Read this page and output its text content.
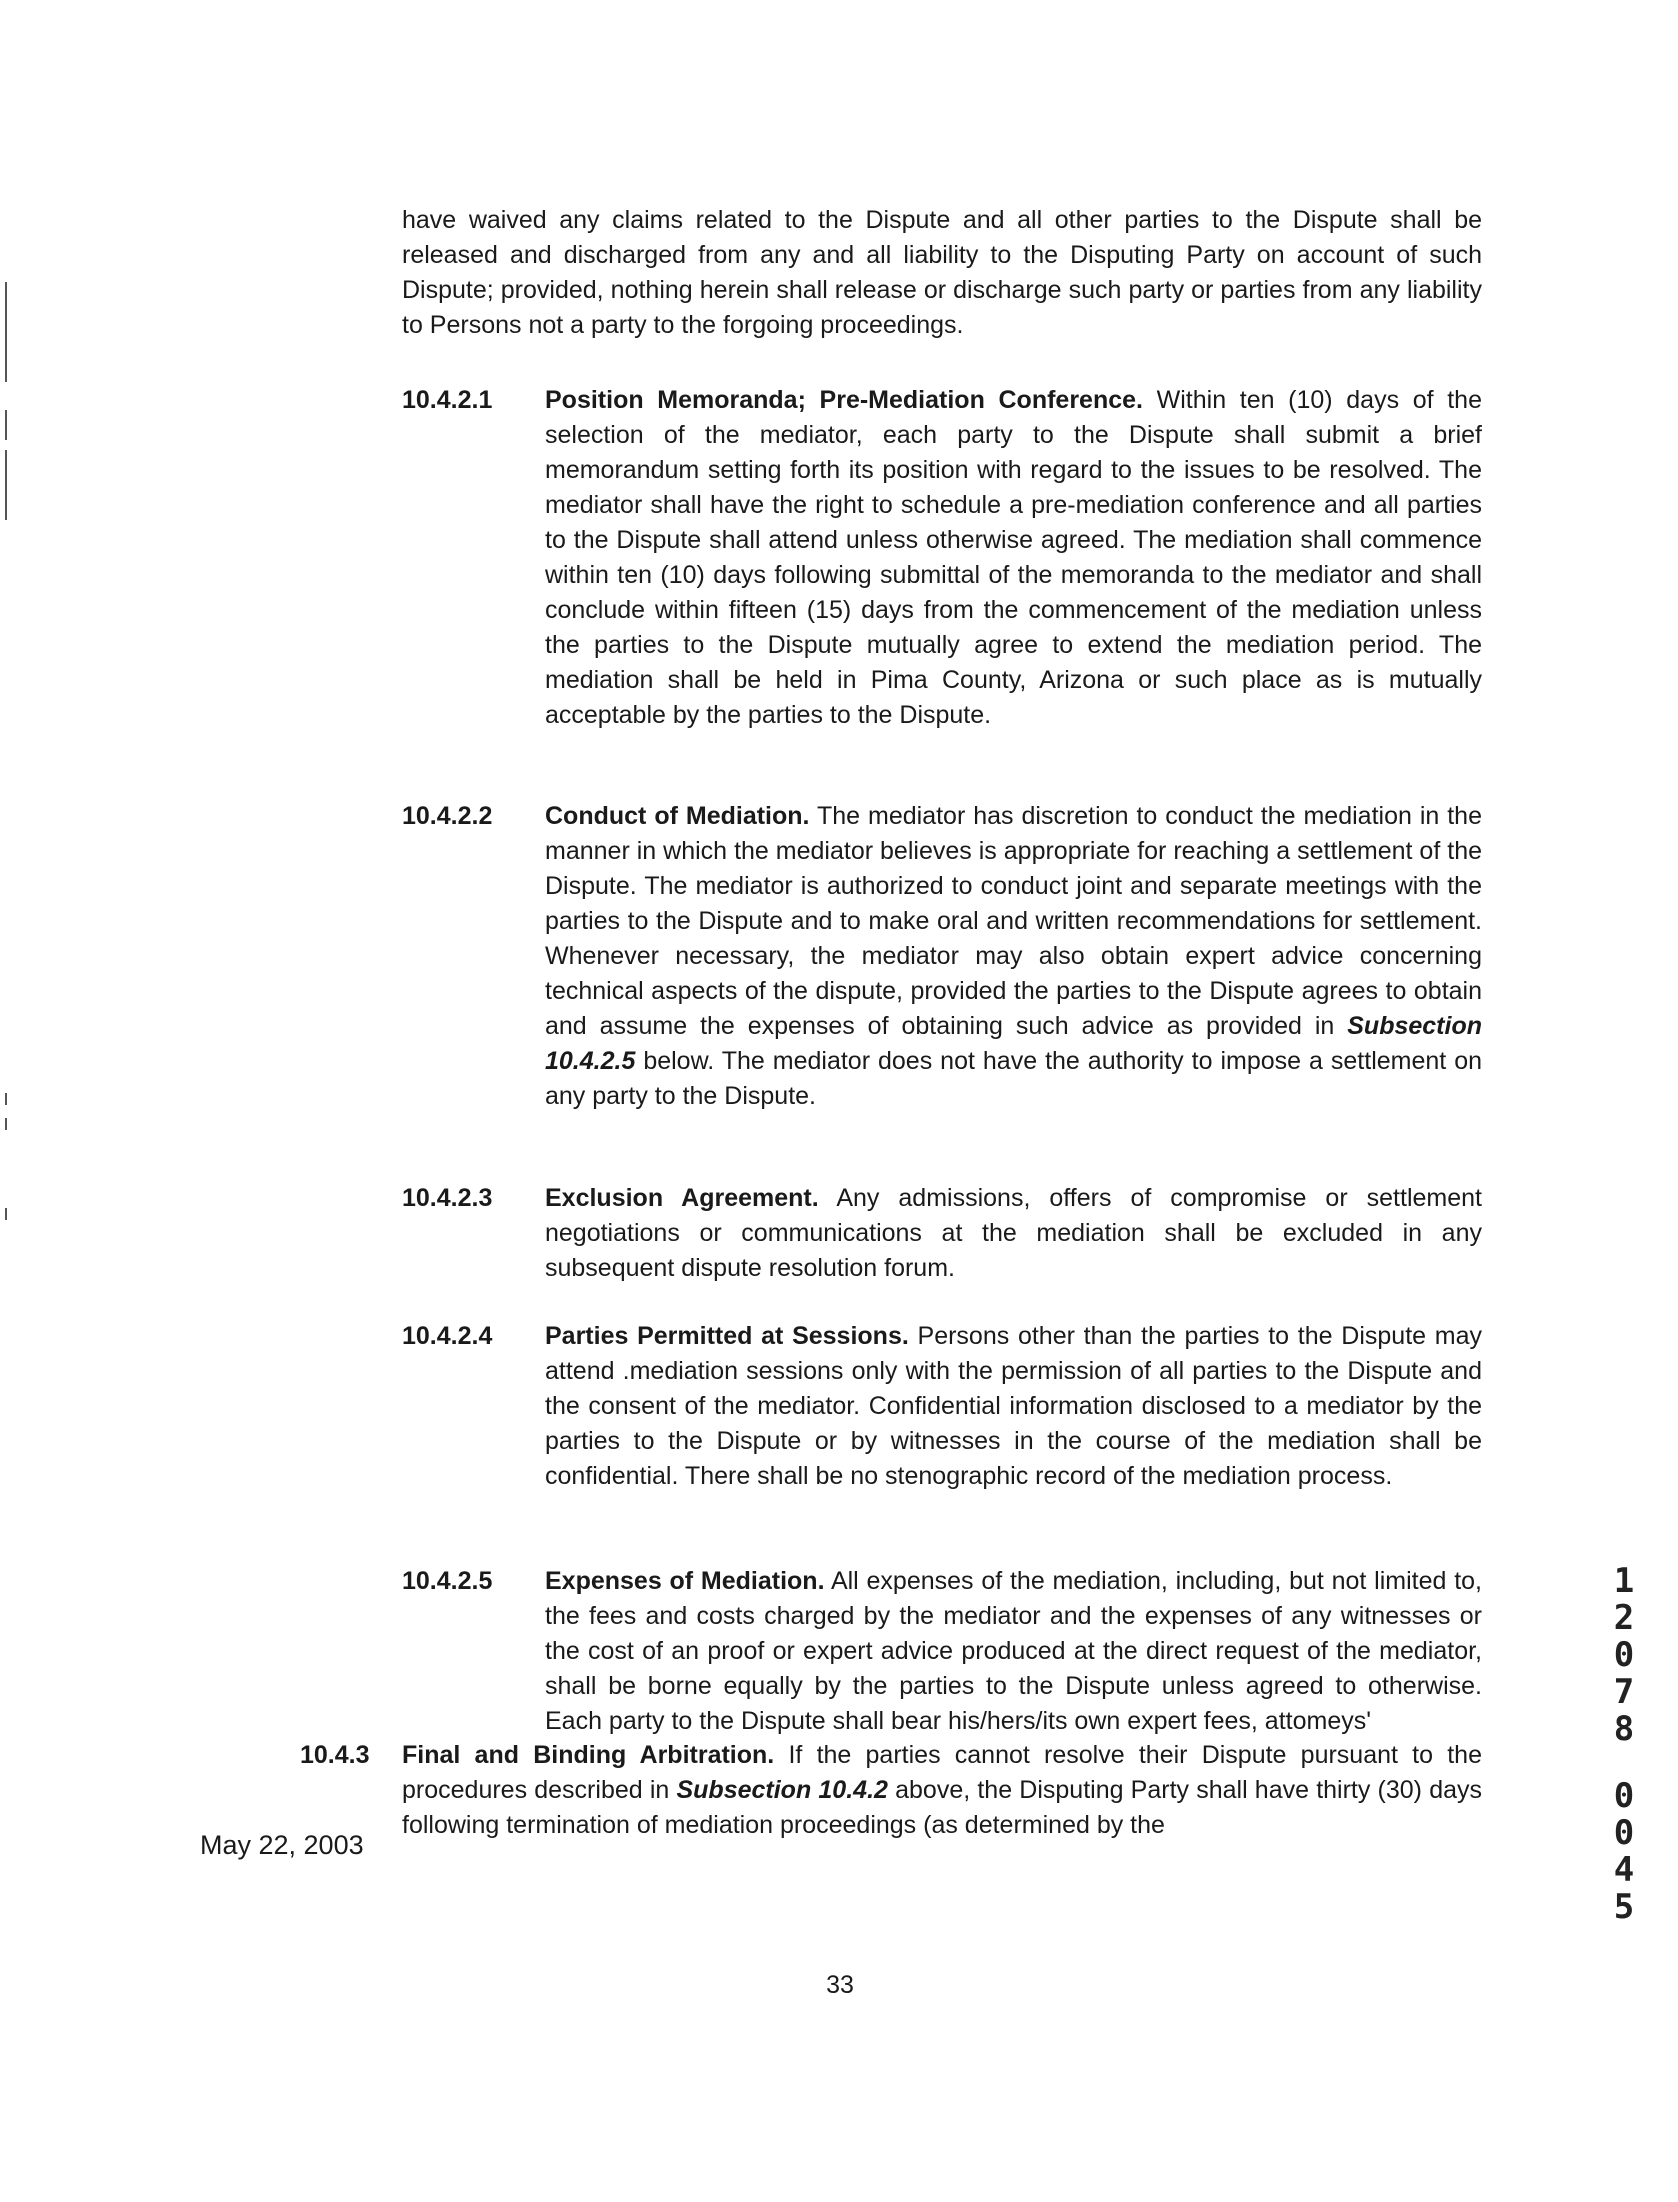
have waived any claims related to the Dispute and all other parties to the Dispute shall be released and discharged from any and all liability to the Disputing Party on account of such Dispute; provided, nothing herein shall release or discharge such party or parties from any liability to Persons not a party to the forgoing proceedings.

10.4.2.1 Position Memoranda; Pre-Mediation Conference. Within ten (10) days of the selection of the mediator, each party to the Dispute shall submit a brief memorandum setting forth its position with regard to the issues to be resolved. The mediator shall have the right to schedule a pre-mediation conference and all parties to the Dispute shall attend unless otherwise agreed. The mediation shall commence within ten (10) days following submittal of the memoranda to the mediator and shall conclude within fifteen (15) days from the commencement of the mediation unless the parties to the Dispute mutually agree to extend the mediation period. The mediation shall be held in Pima County, Arizona or such place as is mutually acceptable by the parties to the Dispute.

10.4.2.2 Conduct of Mediation. The mediator has discretion to conduct the mediation in the manner in which the mediator believes is appropriate for reaching a settlement of the Dispute. The mediator is authorized to conduct joint and separate meetings with the parties to the Dispute and to make oral and written recommendations for settlement. Whenever necessary, the mediator may also obtain expert advice concerning technical aspects of the dispute, provided the parties to the Dispute agrees to obtain and assume the expenses of obtaining such advice as provided in Subsection 10.4.2.5 below. The mediator does not have the authority to impose a settlement on any party to the Dispute.

10.4.2.3 Exclusion Agreement. Any admissions, offers of compromise or settlement negotiations or communications at the mediation shall be excluded in any subsequent dispute resolution forum.

10.4.2.4 Parties Permitted at Sessions. Persons other than the parties to the Dispute may attend .mediation sessions only with the permission of all parties to the Dispute and the consent of the mediator. Confidential information disclosed to a mediator by the parties to the Dispute or by witnesses in the course of the mediation shall be confidential. There shall be no stenographic record of the mediation process.

10.4.2.5 Expenses of Mediation. All expenses of the mediation, including, but not limited to, the fees and costs charged by the mediator and the expenses of any witnesses or the cost of an proof or expert advice produced at the direct request of the mediator, shall be borne equally by the parties to the Dispute unless agreed to otherwise. Each party to the Dispute shall bear his/hers/its own expert fees, attomeys'

10.4.3 Final and Binding Arbitration. If the parties cannot resolve their Dispute pursuant to the procedures described in Subsection 10.4.2 above, the Disputing Party shall have thirty (30) days following termination of mediation proceedings (as determined by the

May 22, 2003
33
1
2
0
7
8
0
0
4
5
